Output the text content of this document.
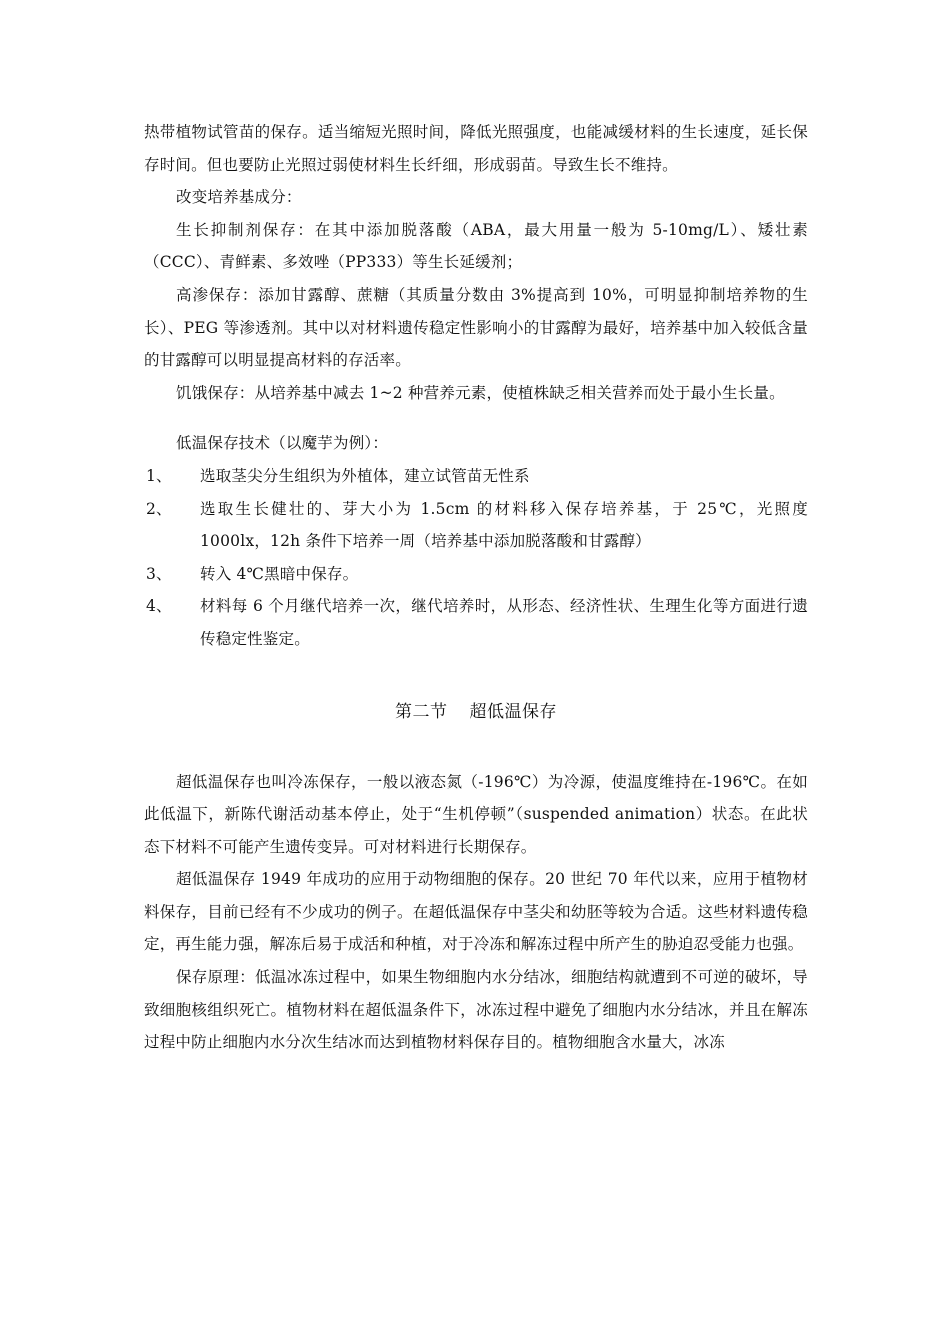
热带植物试管苗的保存。适当缩短光照时间，降低光照强度，也能减缓材料的生长速度，延长保存时间。但也要防止光照过弱使材料生长纤细，形成弱苗。导致生长不维持。

改变培养基成分：

生长抑制剂保存：在其中添加脱落酸（ABA，最大用量一般为 5-10mg/L）、矮壮素（CCC）、青鲜素、多效唑（PP333）等生长延缓剂；

高渗保存：添加甘露醇、蔗糖（其质量分数由 3%提高到 10%，可明显抑制培养物的生长）、PEG 等渗透剂。其中以对材料遗传稳定性影响小的甘露醇为最好，培养基中加入较低含量的甘露醇可以明显提高材料的存活率。

饥饿保存：从培养基中减去 1~2 种营养元素，使植株缺乏相关营养而处于最小生长量。

低温保存技术（以魔芋为例）：

1、 选取茎尖分生组织为外植体，建立试管苗无性系

2、 选取生长健壮的、芽大小为 1.5cm 的材料移入保存培养基，于 25℃，光照度 1000lx，12h 条件下培养一周（培养基中添加脱落酸和甘露醇）

3、 转入 4℃黑暗中保存。

4、 材料每 6 个月继代培养一次，继代培养时，从形态、经济性状、生理生化等方面进行遗传稳定性鉴定。

第二节 超低温保存

超低温保存也叫冷冻保存，一般以液态氮（-196℃）为冷源，使温度维持在-196℃。在如此低温下，新陈代谢活动基本停止，处于“生机停顿”（suspended animation）状态。在此状态下材料不可能产生遗传变异。可对材料进行长期保存。

超低温保存 1949 年成功的应用于动物细胞的保存。20 世纪 70 年代以来，应用于植物材料保存，目前已经有不少成功的例子。在超低温保存中茎尖和幼胚等较为合适。这些材料遗传稳定，再生能力强，解冻后易于成活和种植，对于冷冻和解冻过程中所产生的胁迫忍受能力也强。

保存原理：低温冰冻过程中，如果生物细胞内水分结冰，细胞结构就遭到不可逆的破坏，导致细胞核组织死亡。植物材料在超低温条件下，冰冻过程中避免了细胞内水分结冰，并且在解冻过程中防止细胞内水分次生结冰而达到植物材料保存目的。植物细胞含水量大，冰冻
